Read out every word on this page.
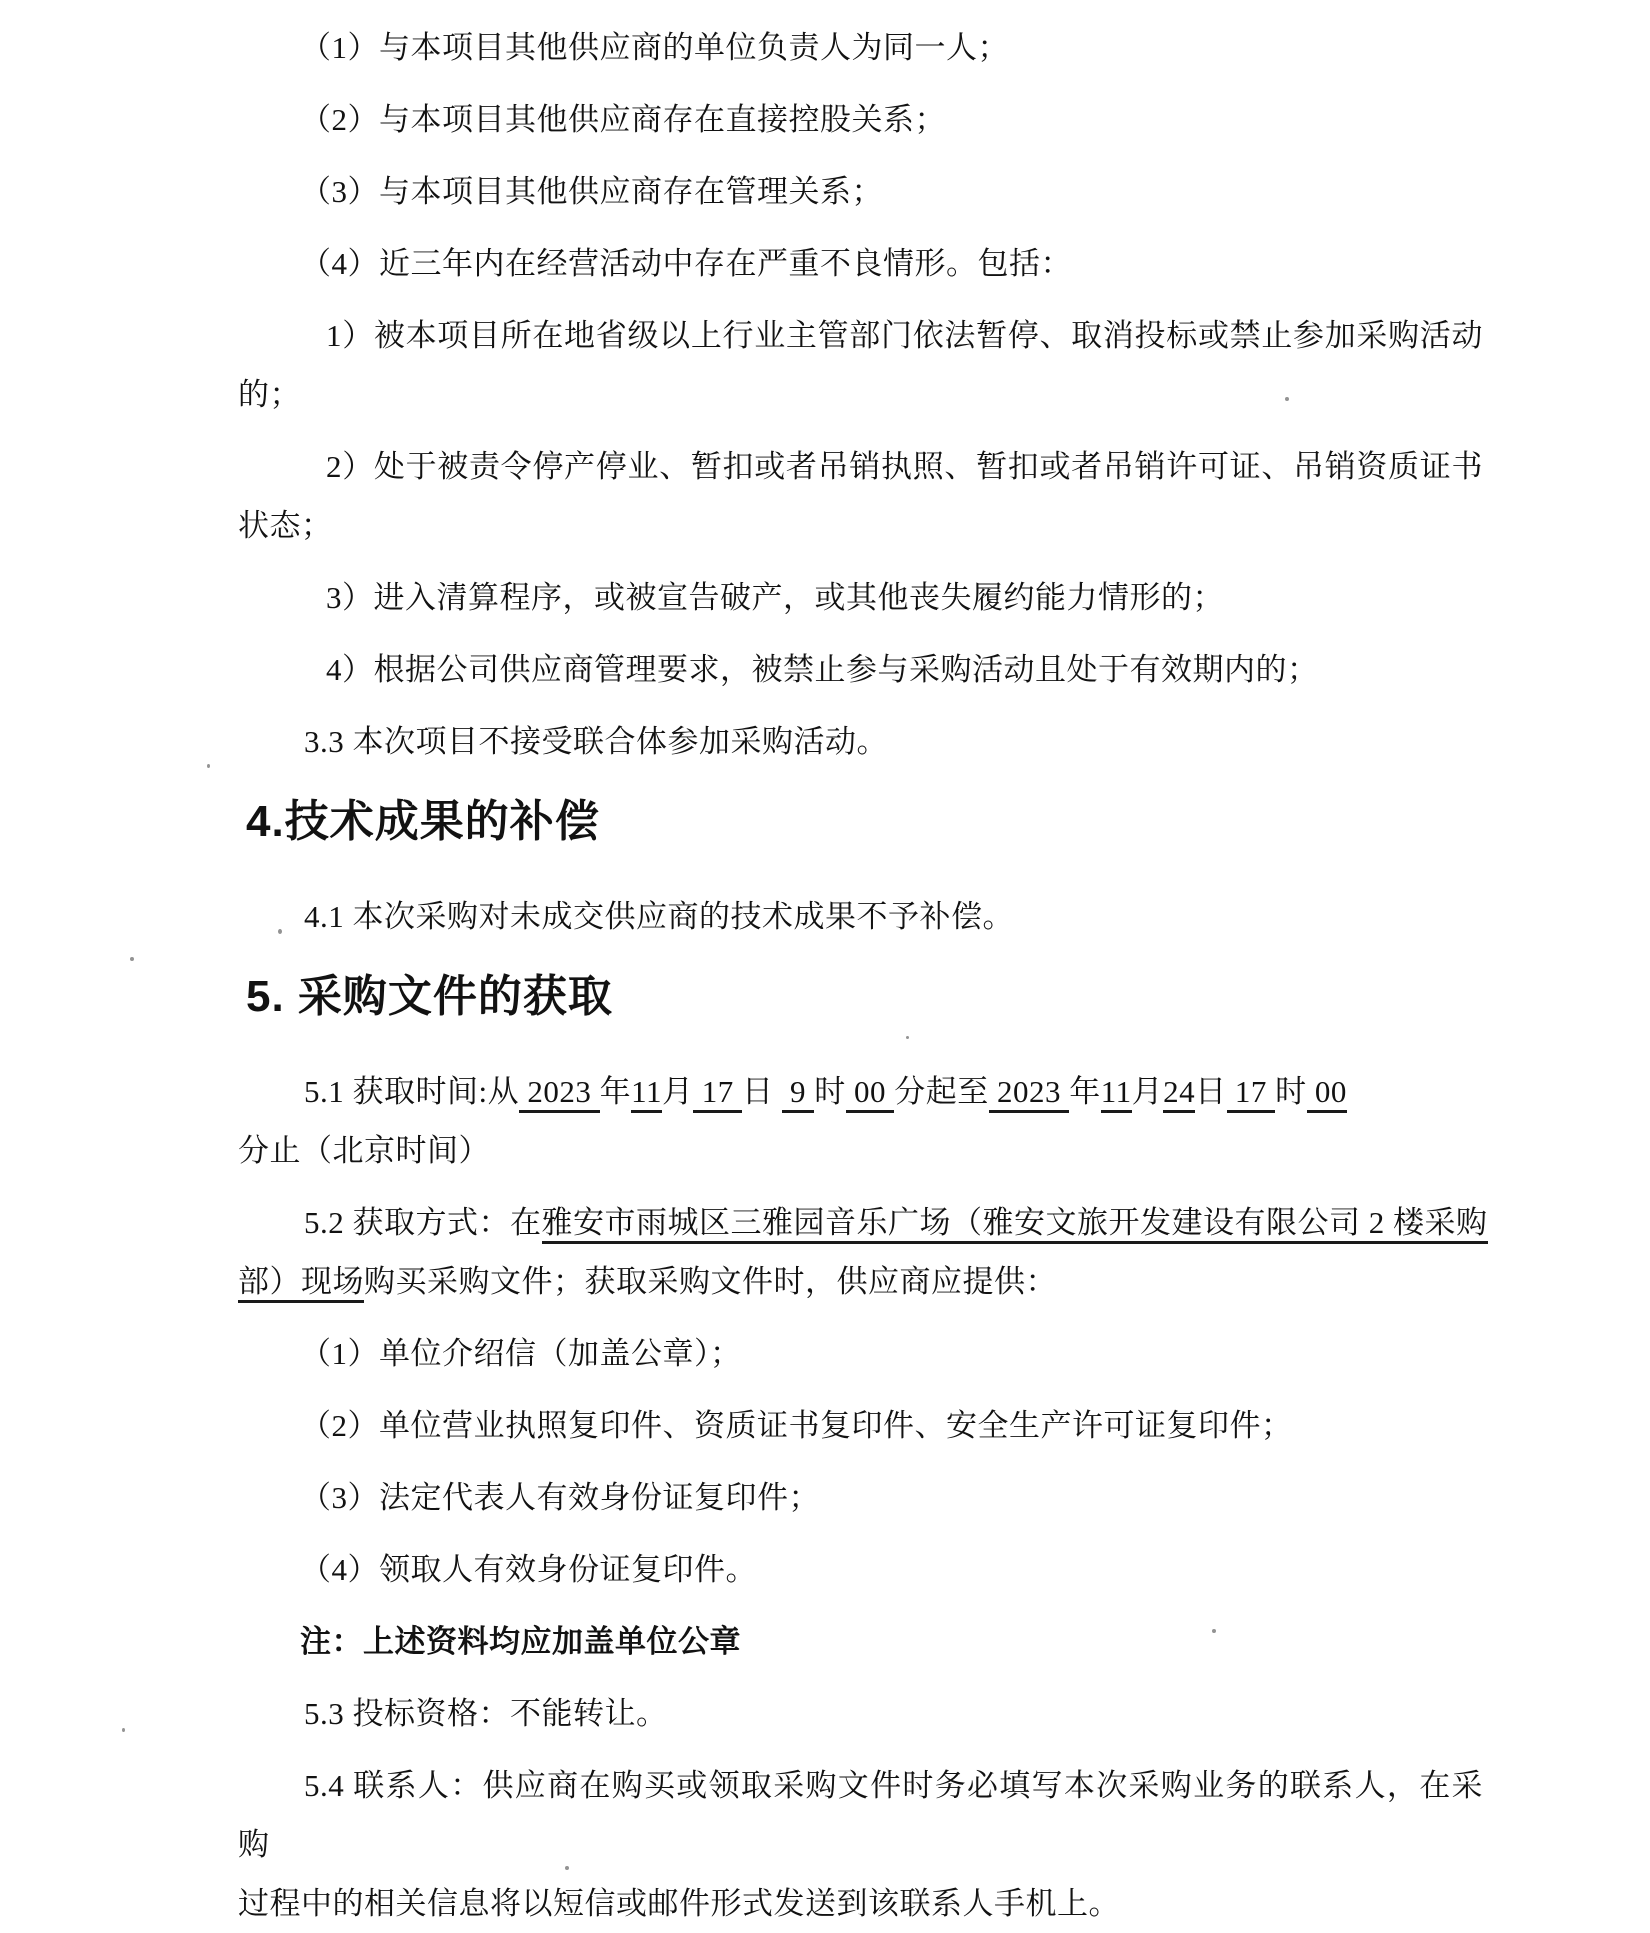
（1）与本项目其他供应商的单位负责人为同一人；
（2）与本项目其他供应商存在直接控股关系；
（3）与本项目其他供应商存在管理关系；
（4）近三年内在经营活动中存在严重不良情形。包括：
1）被本项目所在地省级以上行业主管部门依法暂停、取消投标或禁止参加采购活动
的；
2）处于被责令停产停业、暂扣或者吊销执照、暂扣或者吊销许可证、吊销资质证书
状态；
3）进入清算程序，或被宣告破产，或其他丧失履约能力情形的；
4）根据公司供应商管理要求，被禁止参与采购活动且处于有效期内的；
3.3 本次项目不接受联合体参加采购活动。
4.技术成果的补偿
4.1 本次采购对未成交供应商的技术成果不予补偿。
5. 采购文件的获取
5.1 获取时间:从 2023 年11月 17 日  9 时 00 分起至 2023 年11月24日 17 时 00
分止（北京时间）
5.2 获取方式：在雅安市雨城区三雅园音乐广场（雅安文旅开发建设有限公司 2 楼采购
部）现场购买采购文件；获取采购文件时，供应商应提供：
（1）单位介绍信（加盖公章）；
（2）单位营业执照复印件、资质证书复印件、安全生产许可证复印件；
（3）法定代表人有效身份证复印件；
（4）领取人有效身份证复印件。
注：上述资料均应加盖单位公章
5.3 投标资格：不能转让。
5.4 联系人：供应商在购买或领取采购文件时务必填写本次采购业务的联系人，在采购
过程中的相关信息将以短信或邮件形式发送到该联系人手机上。
